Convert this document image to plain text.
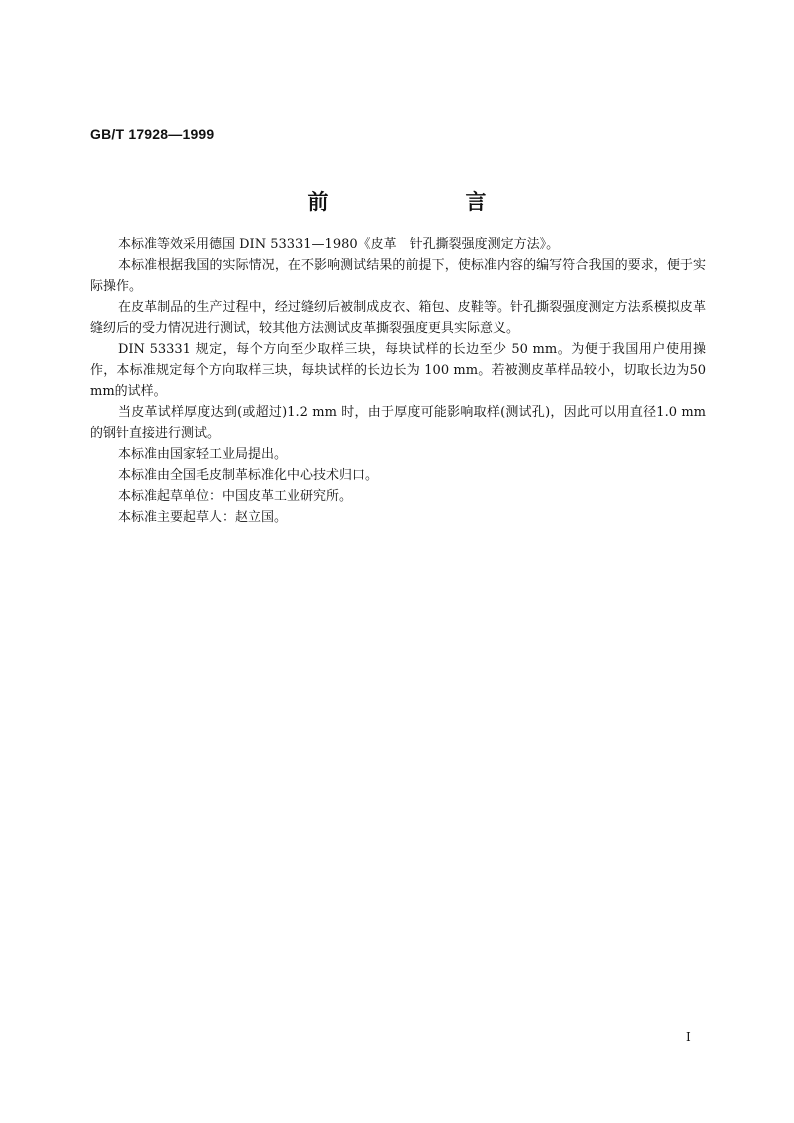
GB/T 17928—1999
前　言

本标准等效采用德国 DIN 53331—1980《皮革　针孔撕裂强度测定方法》。

本标准根据我国的实际情况，在不影响测试结果的前提下，使标准内容的编写符合我国的要求，便于实际操作。

在皮革制品的生产过程中，经过缝纫后被制成皮衣、箱包、皮鞋等。针孔撕裂强度测定方法系模拟皮革缝纫后的受力情况进行测试，较其他方法测试皮革撕裂强度更具实际意义。

DIN 53331 规定，每个方向至少取样三块，每块试样的长边至少 50 mm。为便于我国用户使用操作，本标准规定每个方向取样三块，每块试样的长边长为 100 mm。若被测皮革样品较小，切取长边为50 mm的试样。

当皮革试样厚度达到(或超过)1.2 mm 时，由于厚度可能影响取样(测试孔)，因此可以用直径1.0 mm的钢针直接进行测试。

本标准由国家轻工业局提出。

本标准由全国毛皮制革标准化中心技术归口。

本标准起草单位：中国皮革工业研究所。

本标准主要起草人：赵立国。

I
